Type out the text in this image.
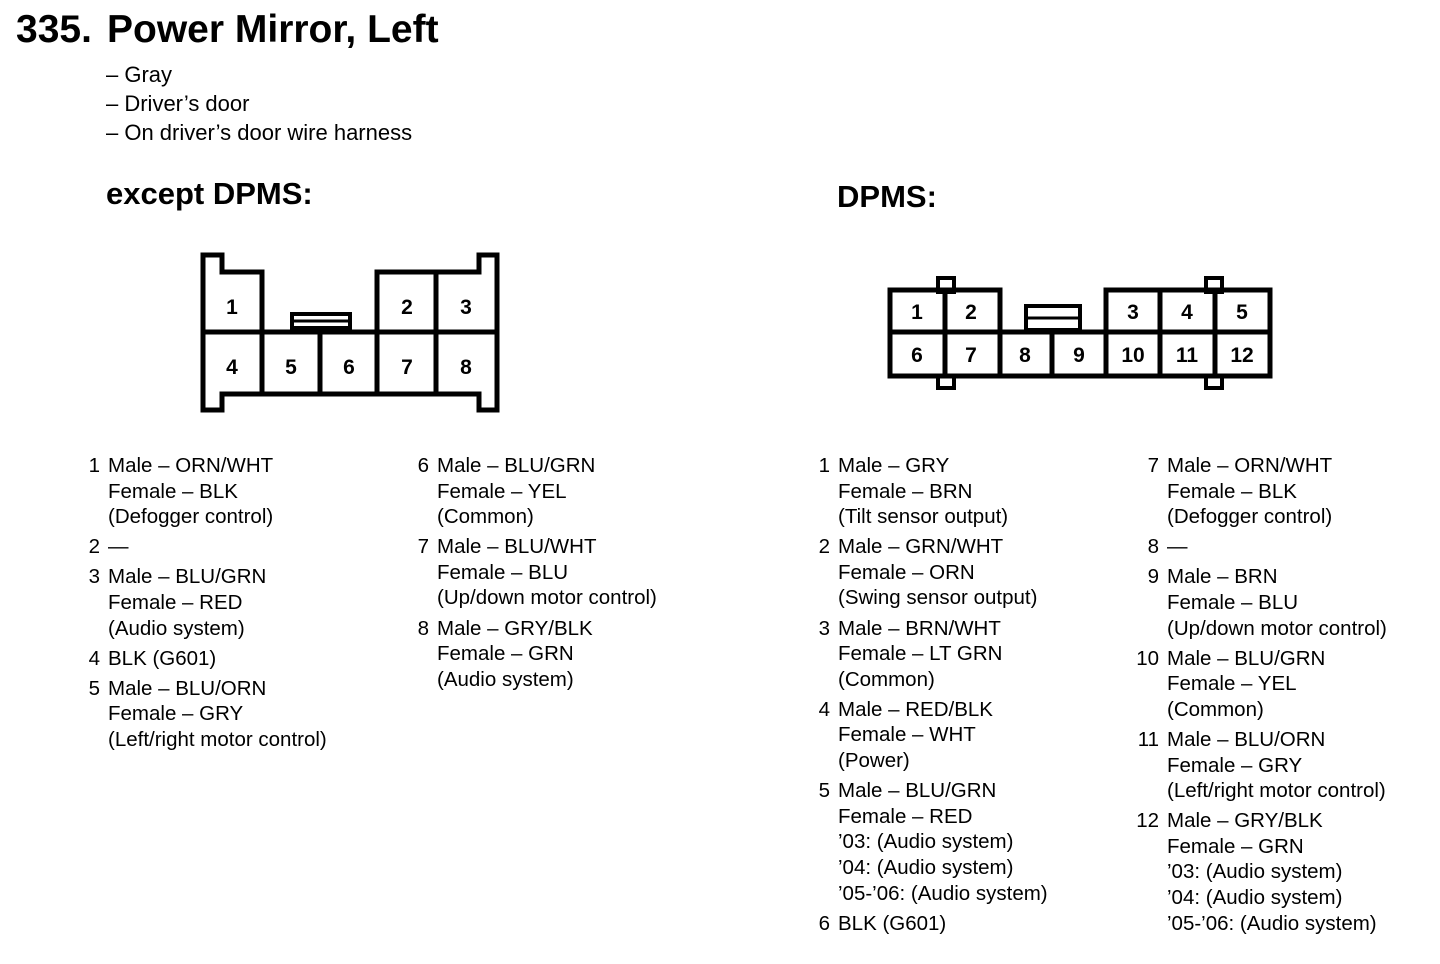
335. Power Mirror, Left
– Gray
– Driver’s door
– On driver’s door wire harness
except DPMS:	DPMS:
1	2 3
4 5 6 7 8
1 2	3 4 5
6 7 8 9 10 11 12
1 Male – ORN/WHT
Female – BLK
(Defogger control)
2 —
3 Male – BLU/GRN
Female – RED
(Audio system)
4 BLK (G601)
5 Male – BLU/ORN
Female – GRY
(Left/right motor control)
6 Male – BLU/GRN
Female – YEL
(Common)
7 Male – BLU/WHT
Female – BLU
(Up/down motor control)
8 Male – GRY/BLK
Female – GRN
(Audio system)
1 Male – GRY
Female – BRN
(Tilt sensor output)
2 Male – GRN/WHT
Female – ORN
(Swing sensor output)
3 Male – BRN/WHT
Female – LT GRN
(Common)
4 Male – RED/BLK
Female – WHT
(Power)
5 Male – BLU/GRN
Female – RED
’03: (Audio system)
’04: (Audio system)
’05-’06: (Audio system)
6 BLK (G601)
7 Male – ORN/WHT
Female – BLK
(Defogger control)
8 —
9 Male – BRN
Female – BLU
(Up/down motor control)
10 Male – BLU/GRN
Female – YEL
(Common)
11 Male – BLU/ORN
Female – GRY
(Left/right motor control)
12 Male – GRY/BLK
Female – GRN
’03: (Audio system)
’04: (Audio system)
’05-’06: (Audio system)
